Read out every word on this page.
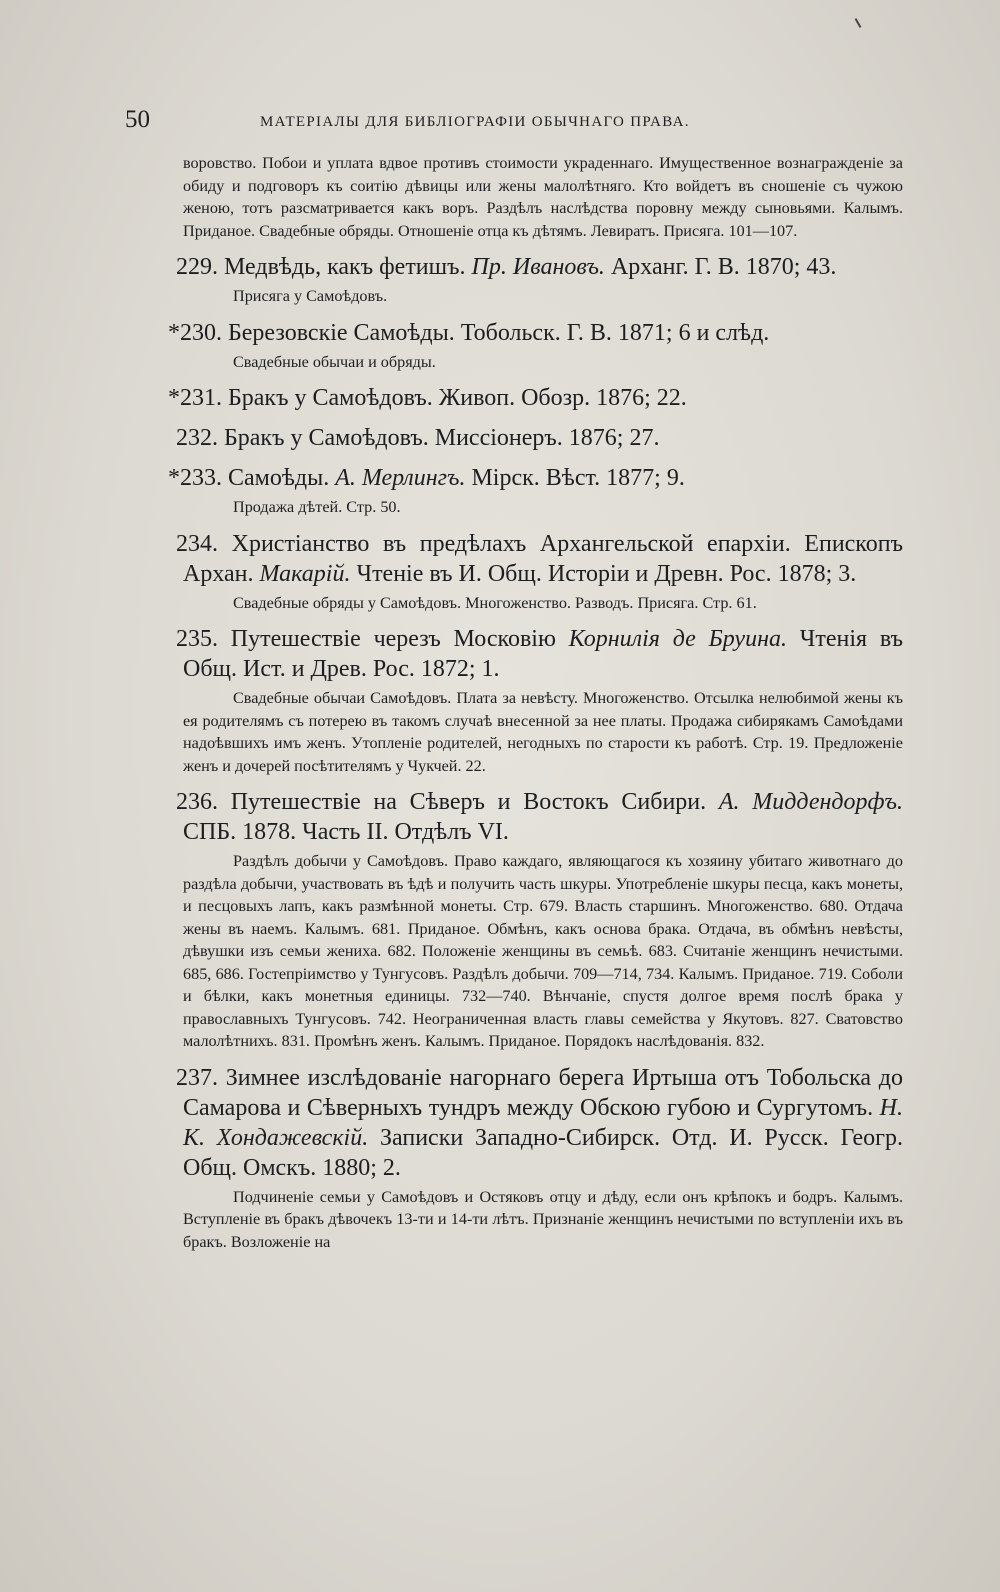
50	МАТЕРIАЛЫ ДЛЯ БИБЛIОГРАФIИ ОБЫЧНАГО ПРАВА.

воровство. Побои и уплата вдвое противъ стоимости украденнаго. Имущественное вознагражденiе за обиду и подговоръ къ соитiю дѣвицы или жены малолѣтняго. Кто войдетъ въ сношенiе съ чужою женою, тотъ разсматривается какъ воръ. Раздѣлъ наслѣдства поровну между сыновьями. Калымъ. Приданое. Свадебные обряды. Отношенiе отца къ дѣтямъ. Левиратъ. Присяга. 101—107.

229. Медвѣдь, какъ фетишъ. Пр. Ивановъ. Арханг. Г. В. 1870; 43.

Присяга у Самоѣдовъ.

*230. Березовскiе Самоѣды. Тобольск. Г. В. 1871; 6 и слѣд.

Свадебные обычаи и обряды.

*231. Бракъ у Самоѣдовъ. Живоп. Обозр. 1876; 22.

232. Бракъ у Самоѣдовъ. Миссiонеръ. 1876; 27.

*233. Самоѣды. А. Мерлингъ. Мiрск. Вѣст. 1877; 9.

Продажа дѣтей. Стр. 50.

234. Христiанство въ предѣлахъ Архангельской епархiи. Епископъ Архан. Макарiй. Чтенiе въ И. Общ. Исторiи и Древн. Рос. 1878; 3.

Свадебные обряды у Самоѣдовъ. Многоженство. Разводъ. Присяга. Стр. 61.

235. Путешествiе черезъ Московiю Корнилiя де Бруина. Чтенiя въ Общ. Ист. и Древ. Рос. 1872; 1.

Свадебные обычаи Самоѣдовъ. Плата за невѣсту. Многоженство. Отсылка нелюбимой жены къ ея родителямъ съ потерею въ такомъ случаѣ внесенной за нее платы. Продажа сибирякамъ Самоѣдами надоѣвшихъ имъ женъ. Утопленiе родителей, негодныхъ по старости къ работѣ. Стр. 19. Предложенiе женъ и дочерей посѣтителямъ у Чукчей. 22.

236. Путешествiе на Сѣверъ и Востокъ Сибири. А. Миддендорфъ. СПБ. 1878. Часть II. Отдѣлъ VI.

Раздѣлъ добычи у Самоѣдовъ. Право каждаго, являющагося къ хозяину убитаго животнаго до раздѣла добычи, участвовать въ ѣдѣ и получить часть шкуры. Употребленiе шкуры песца, какъ монеты, и песцовыхъ лапъ, какъ размѣнной монеты. Стр. 679. Власть старшинъ. Многоженство. 680. Отдача жены въ наемъ. Калымъ. 681. Приданое. Обмѣнъ, какъ основа брака. Отдача, въ обмѣнъ невѣсты, дѣвушки изъ семьи жениха. 682. Положенiе женщины въ семьѣ. 683. Считанiе женщинъ нечистыми. 685, 686. Гостепрiимство у Тунгусовъ. Раздѣлъ добычи. 709—714, 734. Калымъ. Приданое. 719. Соболи и бѣлки, какъ монетныя единицы. 732—740. Вѣнчанiе, спустя долгое время послѣ брака у православныхъ Тунгусовъ. 742. Неограниченная власть главы семейства у Якутовъ. 827. Сватовство малолѣтнихъ. 831. Промѣнъ женъ. Калымъ. Приданое. Порядокъ наслѣдованiя. 832.

237. Зимнее изслѣдованiе нагорнаго берега Иртыша отъ Тобольска до Самарова и Сѣверныхъ тундръ между Обскою губою и Сургутомъ. Н. К. Хондажевскiй. Записки Западно-Сибирск. Отд. И. Русск. Геогр. Общ. Омскъ. 1880; 2.

Подчиненiе семьи у Самоѣдовъ и Остяковъ отцу и дѣду, если онъ крѣпокъ и бодръ. Калымъ. Вступленiе въ бракъ дѣвочекъ 13-ти и 14-ти лѣтъ. Признанiе женщинъ нечистыми по вступленiи ихъ въ бракъ. Возложенiе на
